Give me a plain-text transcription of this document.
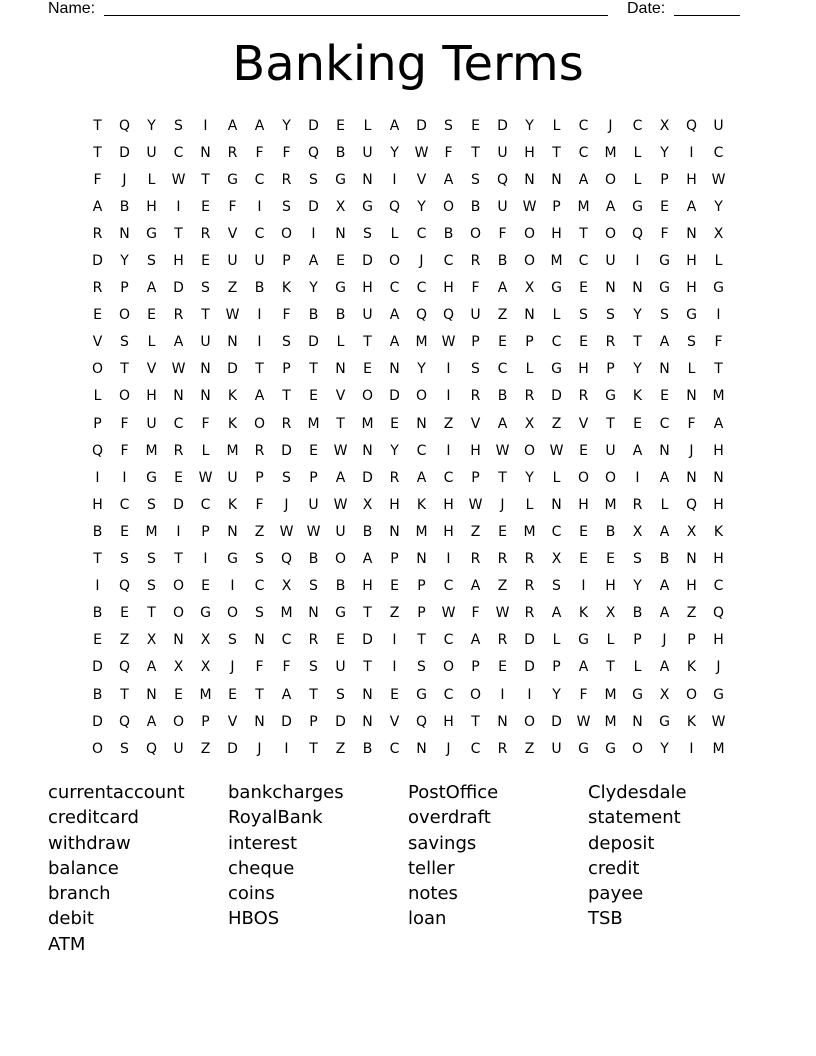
Name:	Date:
Banking Terms
T	Q	Y	S	I	A	A	Y	D	E	L	A	D	S	E	D	Y	L	C	J	C	X	Q	U
T	D	U	C	N	R	F	F	Q	B	U	Y	W	F	T	U	H	T	C	M	L	Y	I	C
F	J	L	W	T	G	C	R	S	G	N	I	V	A	S	Q	N	N	A	O	L	P	H	W
A	B	H	I	E	F	I	S	D	X	G	Q	Y	O	B	U	W	P	M	A	G	E	A	Y
R	N	G	T	R	V	C	O	I	N	S	L	C	B	O	F	O	H	T	O	Q	F	N	X
D	Y	S	H	E	U	U	P	A	E	D	O	J	C	R	B	O	M	C	U	I	G	H	L
R	P	A	D	S	Z	B	K	Y	G	H	C	C	H	F	A	X	G	E	N	N	G	H	G
E	O	E	R	T	W	I	F	B	B	U	A	Q	Q	U	Z	N	L	S	S	Y	S	G	I
V	S	L	A	U	N	I	S	D	L	T	A	M	W	P	E	P	C	E	R	T	A	S	F
O	T	V	W	N	D	T	P	T	N	E	N	Y	I	S	C	L	G	H	P	Y	N	L	T
L	O	H	N	N	K	A	T	E	V	O	D	O	I	R	B	R	D	R	G	K	E	N	M
P	F	U	C	F	K	O	R	M	T	M	E	N	Z	V	A	X	Z	V	T	E	C	F	A
Q	F	M	R	L	M	R	D	E	W	N	Y	C	I	H	W	O	W	E	U	A	N	J	H
I	I	G	E	W	U	P	S	P	A	D	R	A	C	P	T	Y	L	O	O	I	A	N	N
H	C	S	D	C	K	F	J	U	W	X	H	K	H	W	J	L	N	H	M	R	L	Q	H
B	E	M	I	P	N	Z	W W	U	B	N	M	H	Z	E	M	C	E	B	X	A	X	K
T	S	S	T	I	G	S	Q	B	O	A	P	N	I	R	R	R	X	E	E	S	B	N	H
I	Q	S	O	E	I	C	X	S	B	H	E	P	C	A	Z	R	S	I	H	Y	A	H	C
B	E	T	O	G	O	S	M	N	G	T	Z	P	W	F	W	R	A	K	X	B	A	Z	Q
E	Z	X	N	X	S	N	C	R	E	D	I	T	C	A	R	D	L	G	L	P	J	P	H
D	Q	A	X	X	J	F	F	S	U	T	I	S	O	P	E	D	P	A	T	L	A	K	J
B	T	N	E	M	E	T	A	T	S	N	E	G	C	O	I	I	Y	F	M	G	X	O	G
D	Q	A	O	P	V	N	D	P	D	N	V	Q	H	T	N	O	D	W	M	N	G	K	W
O	S	Q	U	Z	D	J	I	T	Z	B	C	N	J	C	R	Z	U	G	G	O	Y	I	M
currentaccount	bankcharges	PostOffice	Clydesdale
creditcard	RoyalBank	overdraft	statement
withdraw	interest	savings	deposit
balance	cheque	teller	credit
branch	coins	notes	payee
debit	HBOS	loan	TSB
ATM
